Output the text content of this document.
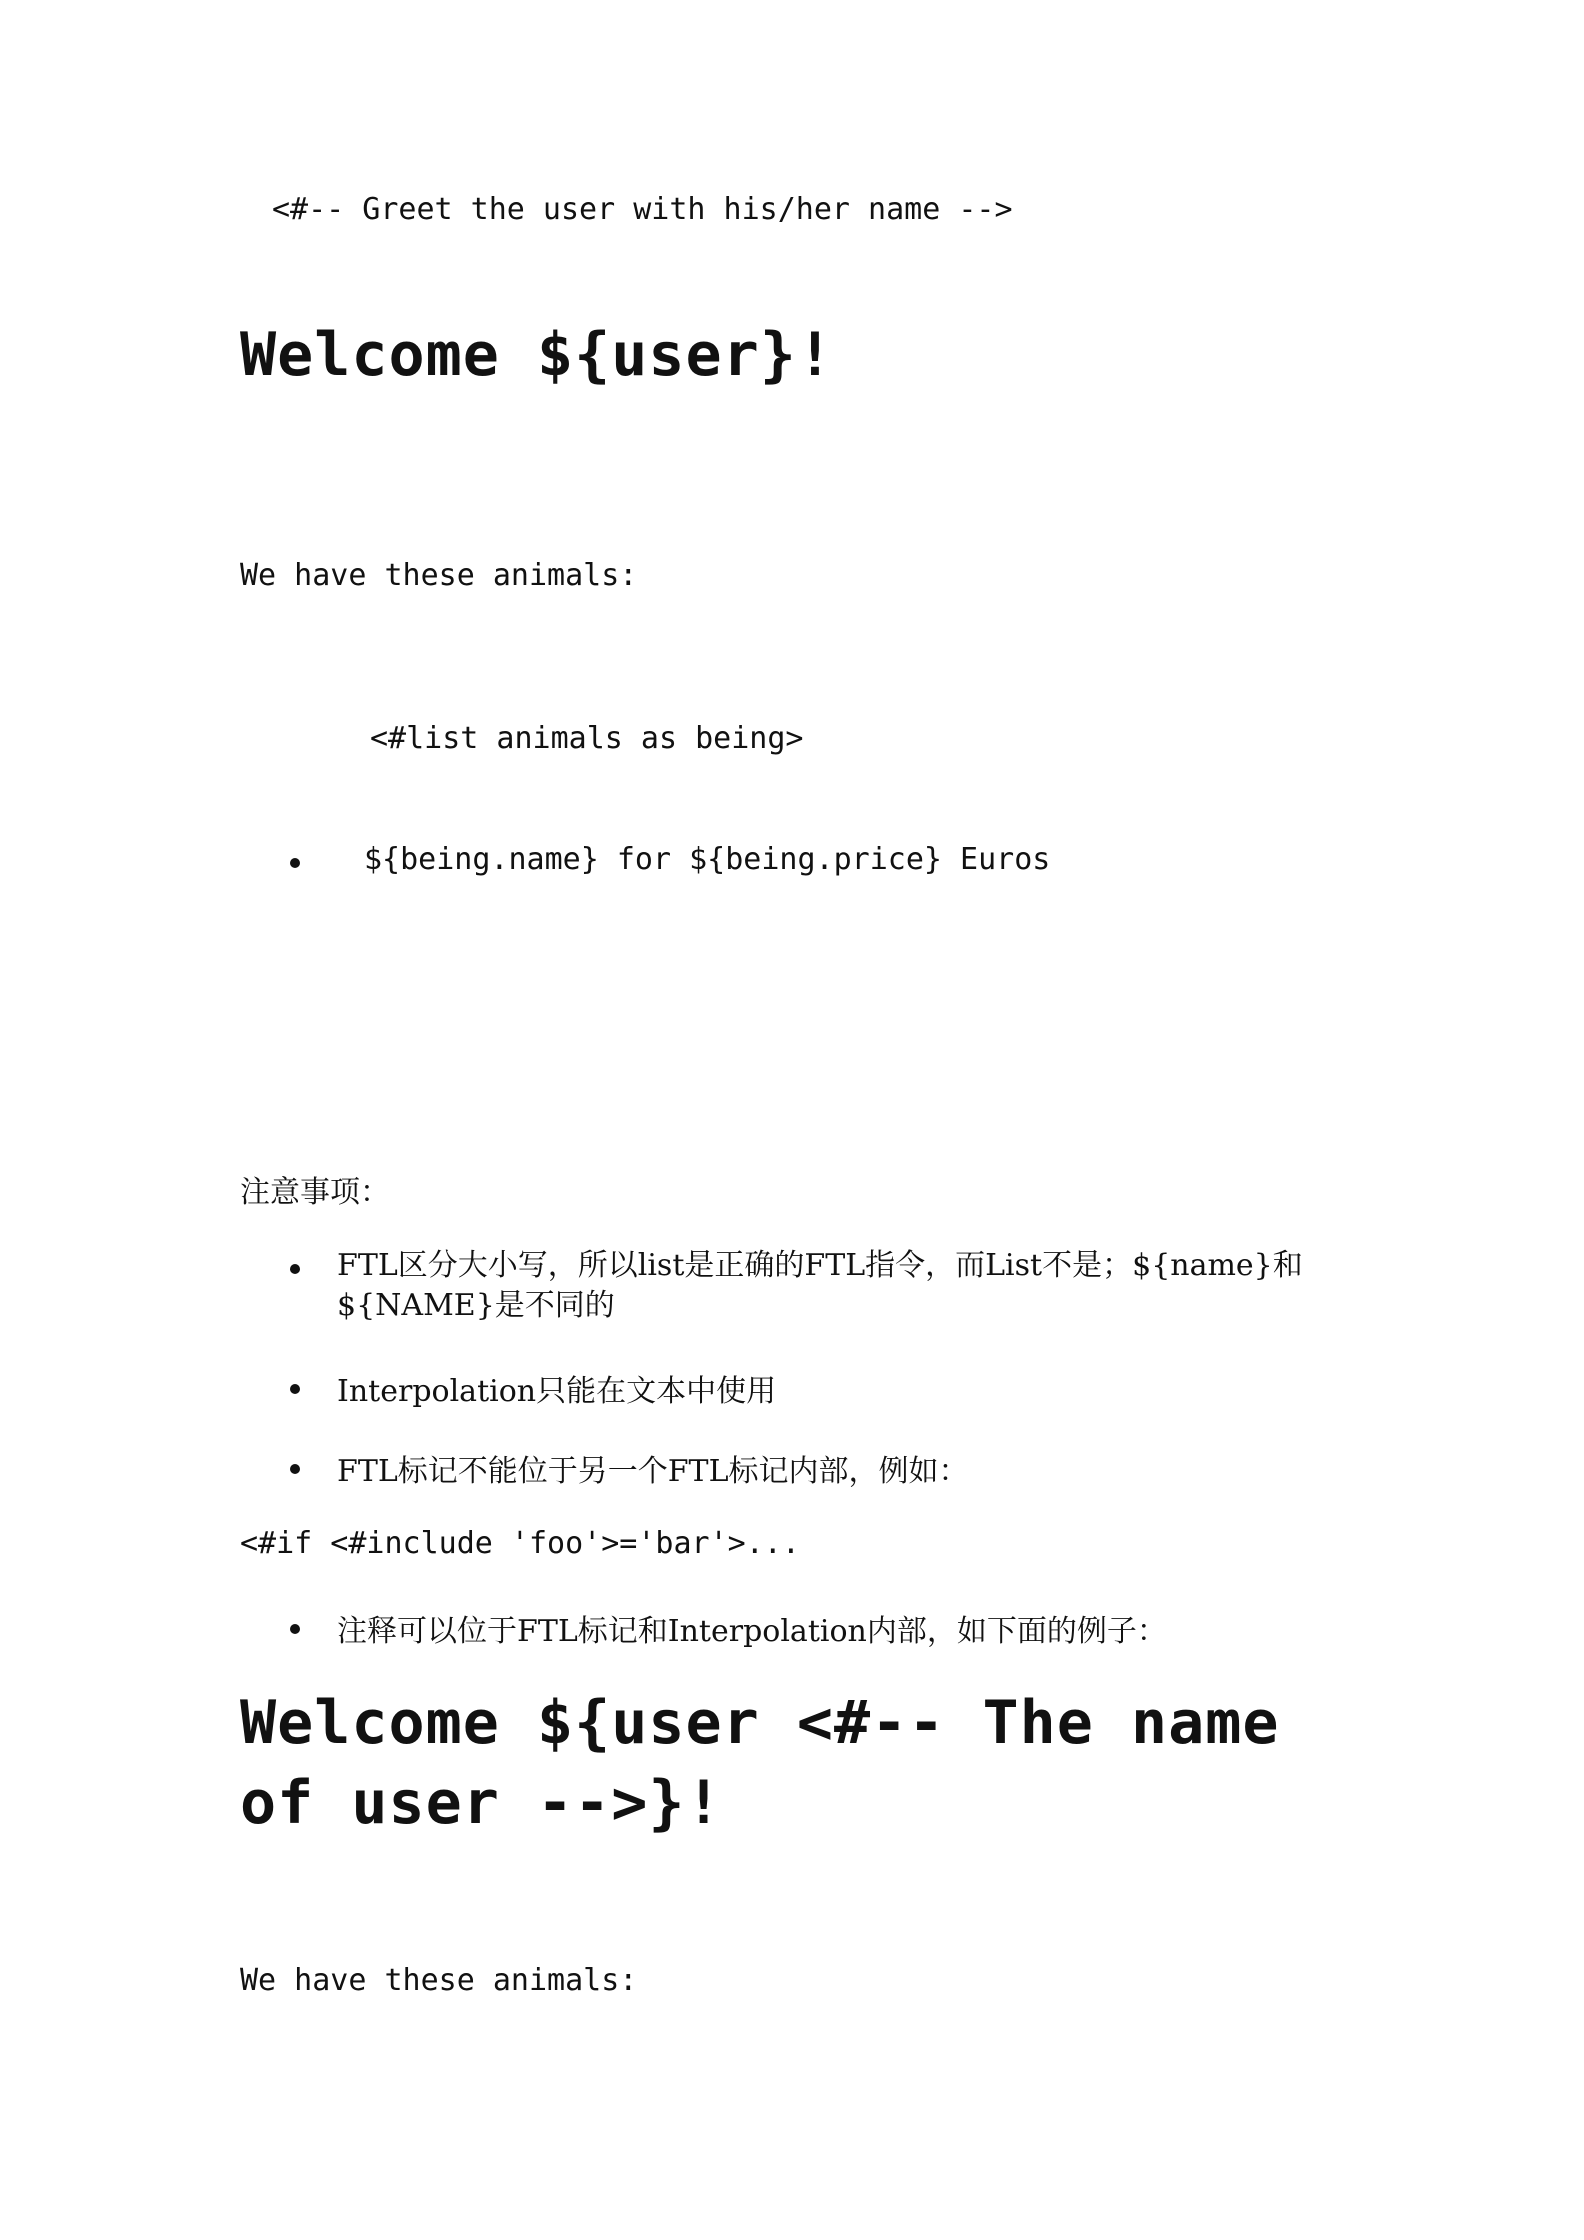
<#-- Greet the user with his/her name -->

Welcome ${user}!

We have these animals:

<#list animals as being>

${being.name} for ${being.price} Euros

注意事项：

FTL区分大小写，所以list是正确的FTL指令，而List不是；${name}和${NAME}是不同的

Interpolation只能在文本中使用

FTL标记不能位于另一个FTL标记内部，例如：

<#if <#include 'foo'>='bar'>...

注释可以位于FTL标记和Interpolation内部，如下面的例子：

Welcome ${user <#-- The name of user -->}!

We have these animals:
